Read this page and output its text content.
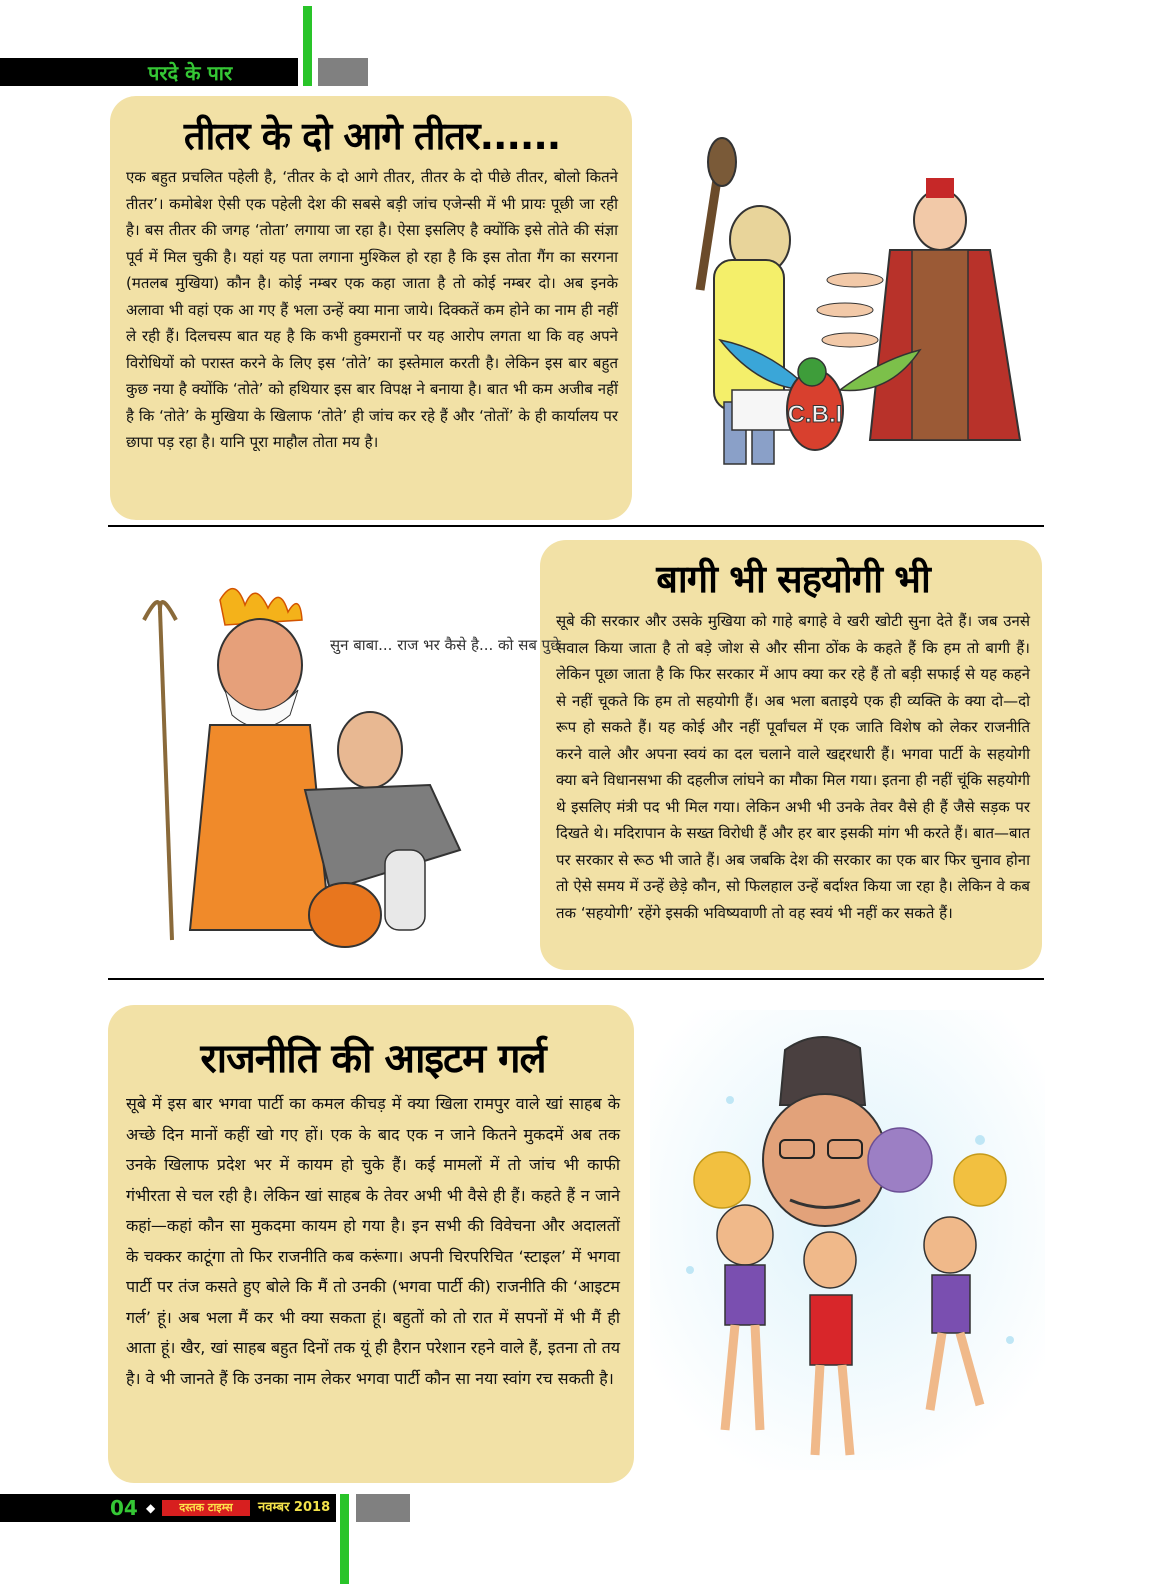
परदे के पार
तीतर के दो आगे तीतर......

एक बहुत प्रचलित पहेली है, ‘तीतर के दो आगे तीतर, तीतर के दो पीछे तीतर, बोलो कितने तीतर’। कमोबेश ऐसी एक पहेली देश की सबसे बड़ी जांच एजेन्सी में भी प्रायः पूछी जा रही है। बस तीतर की जगह ‘तोता’ लगाया जा रहा है। ऐसा इसलिए है क्योंकि इसे तोते की संज्ञा पूर्व में मिल चुकी है। यहां यह पता लगाना मुश्किल हो रहा है कि इस तोता गैंग का सरगना (मतलब मुखिया) कौन है। कोई नम्बर एक कहा जाता है तो कोई नम्बर दो। अब इनके अलावा भी वहां एक आ गए हैं भला उन्हें क्या माना जाये। दिक्कतें कम होने का नाम ही नहीं ले रही हैं। दिलचस्प बात यह है कि कभी हुक्मरानों पर यह आरोप लगता था कि वह अपने विरोधियों को परास्त करने के लिए इस ‘तोते’ का इस्तेमाल करती है। लेकिन इस बार बहुत कुछ नया है क्योंकि ‘तोते’ को हथियार इस बार विपक्ष ने बनाया है। बात भी कम अजीब नहीं है कि ‘तोते’ के मुखिया के खिलाफ ‘तोते’ ही जांच कर रहे हैं और ‘तोतों’ के ही कार्यालय पर छापा पड़ रहा है। यानि पूरा माहौल तोता मय है।

C.B.I
बागी भी सहयोगी भी

सूबे की सरकार और उसके मुखिया को गाहे बगाहे वे खरी खोटी सुना देते हैं। जब उनसे सवाल किया जाता है तो बड़े जोश से और सीना ठोंक के कहते हैं कि हम तो बागी हैं। लेकिन पूछा जाता है कि फिर सरकार में आप क्या कर रहे हैं तो बड़ी सफाई से यह कहने से नहीं चूकते कि हम तो सहयोगी हैं। अब भला बताइये एक ही व्यक्ति के क्या दो—दो रूप हो सकते हैं। यह कोई और नहीं पूर्वांचल में एक जाति विशेष को लेकर राजनीति करने वाले और अपना स्वयं का दल चलाने वाले खद्दरधारी हैं। भगवा पार्टी के सहयोगी क्या बने विधानसभा की दहलीज लांघने का मौका मिल गया। इतना ही नहीं चूंकि सहयोगी थे इसलिए मंत्री पद भी मिल गया। लेकिन अभी भी उनके तेवर वैसे ही हैं जैसे सड़क पर दिखते थे। मदिरापान के सख्त विरोधी हैं और हर बार इसकी मांग भी करते हैं। बात—बात पर सरकार से रूठ भी जाते हैं। अब जबकि देश की सरकार का एक बार फिर चुनाव होना तो ऐसे समय में उन्हें छेड़े कौन, सो फिलहाल उन्हें बर्दाश्त किया जा रहा है। लेकिन वे कब तक ‘सहयोगी’ रहेंगे इसकी भविष्यवाणी तो वह स्वयं भी नहीं कर सकते हैं।

सुन बाबा... राज भर कैसे है... को सब पुछे
राजनीति की आइटम गर्ल

सूबे में इस बार भगवा पार्टी का कमल कीचड़ में क्या खिला रामपुर वाले खां साहब के अच्छे दिन मानों कहीं खो गए हों। एक के बाद एक न जाने कितने मुकदमें अब तक उनके खिलाफ प्रदेश भर में कायम हो चुके हैं। कई मामलों में तो जांच भी काफी गंभीरता से चल रही है। लेकिन खां साहब के तेवर अभी भी वैसे ही हैं। कहते हैं न जाने कहां—कहां कौन सा मुकदमा कायम हो गया है। इन सभी की विवेचना और अदालतों के चक्कर काटूंगा तो फिर राजनीति कब करूंगा। अपनी चिरपरिचित ‘स्टाइल’ में भगवा पार्टी पर तंज कसते हुए बोले कि मैं तो उनकी (भगवा पार्टी की) राजनीति की ‘आइटम गर्ल’ हूं। अब भला मैं कर भी क्या सकता हूं। बहुतों को तो रात में सपनों में भी मैं ही आता हूं। खैर, खां साहब बहुत दिनों तक यूं ही हैरान परेशान रहने वाले हैं, इतना तो तय है। वे भी जानते हैं कि उनका नाम लेकर भगवा पार्टी कौन सा नया स्वांग रच सकती है।

04 ◆	दस्तक टाइम्स	नवम्बर 2018
